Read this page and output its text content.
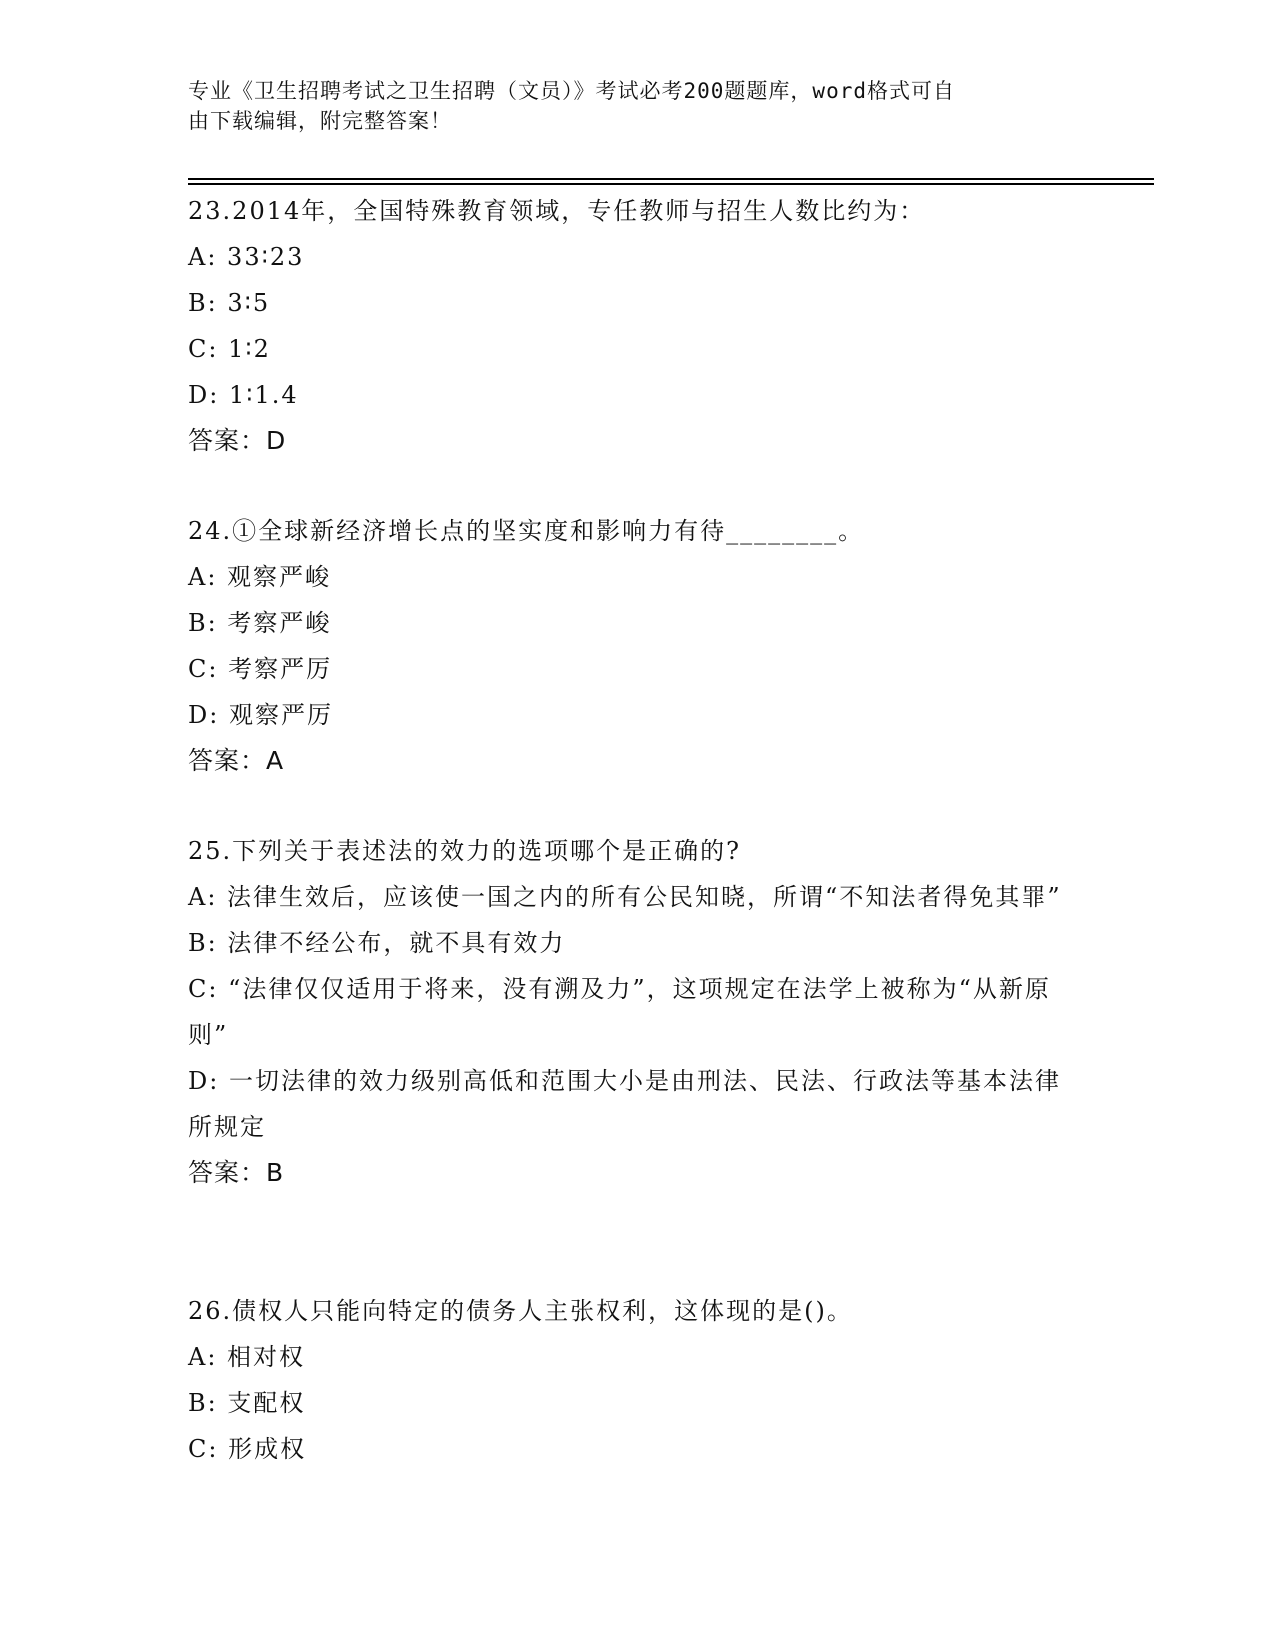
专业《卫生招聘考试之卫生招聘（文员）》考试必考200题题库，word格式可自
由下载编辑，附完整答案！
23.2014年，全国特殊教育领域，专任教师与招生人数比约为：
A: 33∶23
B: 3∶5
C: 1∶2
D: 1∶1.4
答案：D
24.①全球新经济增长点的坚实度和影响力有待________。
A: 观察严峻
B: 考察严峻
C: 考察严厉
D: 观察严厉
答案：A
25.下列关于表述法的效力的选项哪个是正确的?
A: 法律生效后，应该使一国之内的所有公民知晓，所谓“不知法者得免其罪”
B: 法律不经公布，就不具有效力
C: “法律仅仅适用于将来，没有溯及力”，这项规定在法学上被称为“从新原则”
D: 一切法律的效力级别高低和范围大小是由刑法、民法、行政法等基本法律所规定
答案：B
26.债权人只能向特定的债务人主张权利，这体现的是()。
A: 相对权
B: 支配权
C: 形成权
